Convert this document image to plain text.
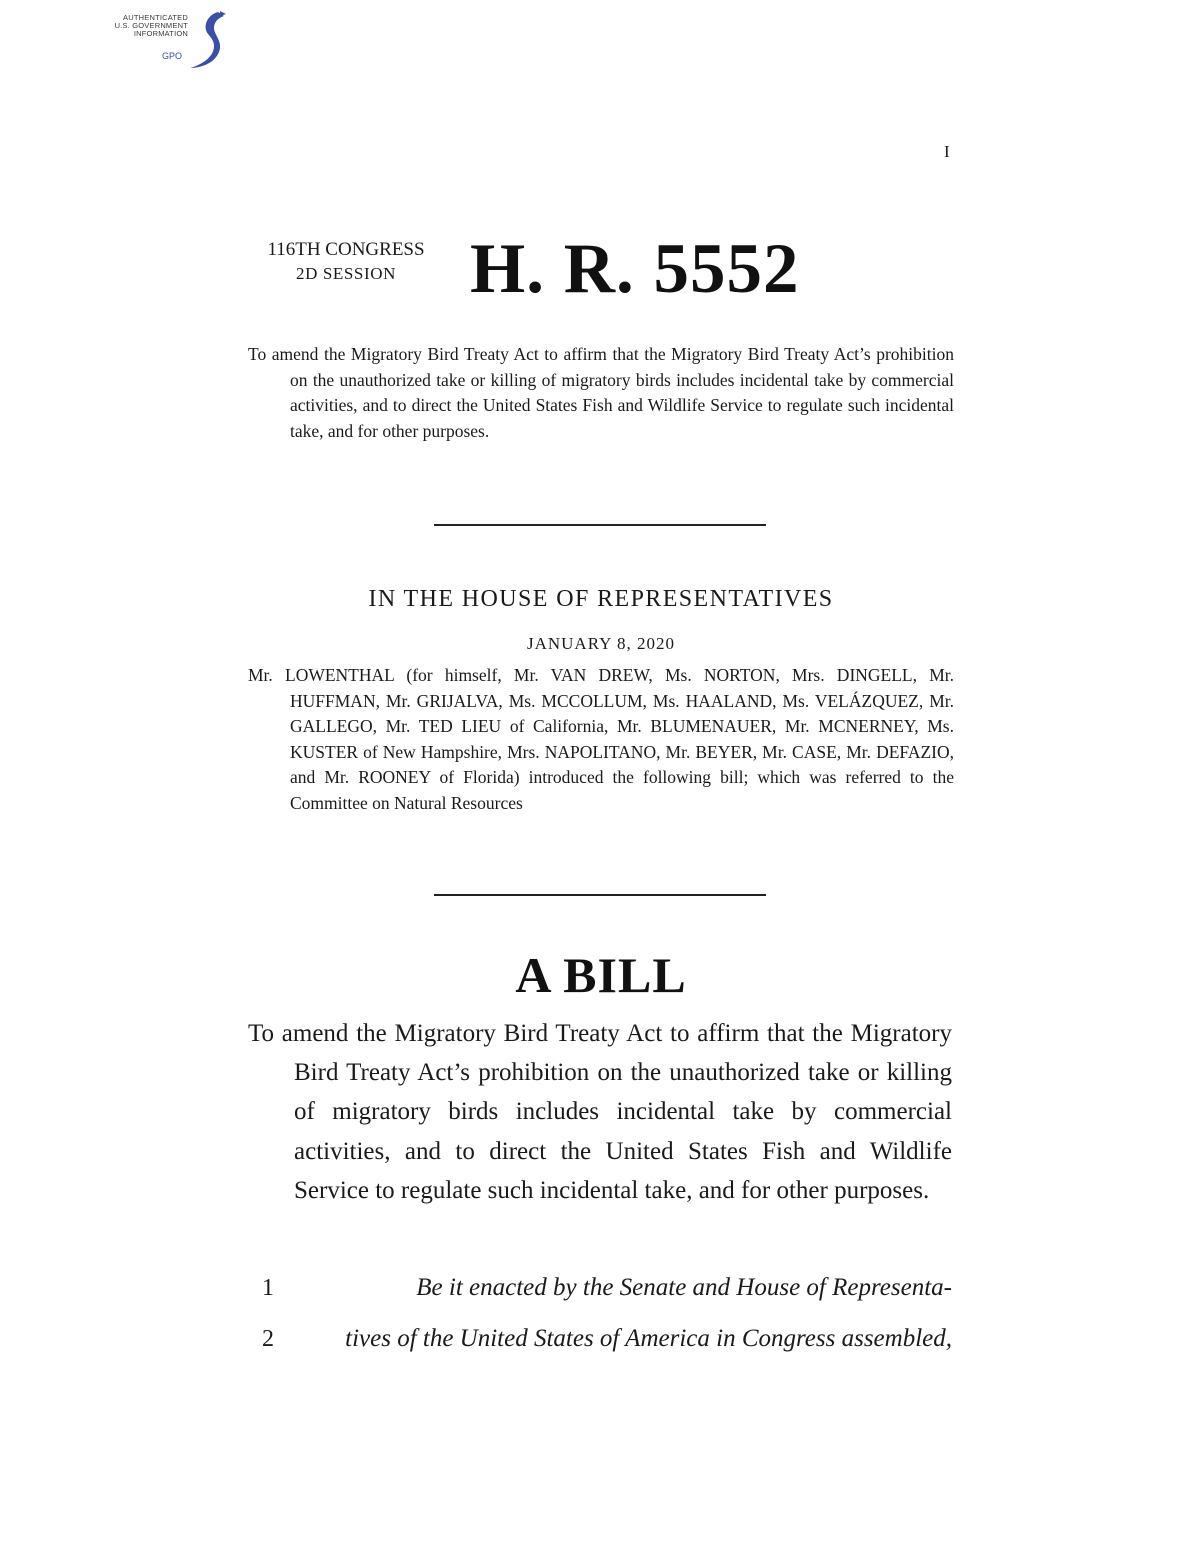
AUTHENTICATED
U.S. GOVERNMENT
INFORMATION
GPO
I
116TH CONGRESS
2D SESSION	H. R. 5552
To amend the Migratory Bird Treaty Act to affirm that the Migratory Bird Treaty Act’s prohibition on the unauthorized take or killing of migratory birds includes incidental take by commercial activities, and to direct the United States Fish and Wildlife Service to regulate such incidental take, and for other purposes.
IN THE HOUSE OF REPRESENTATIVES
JANUARY 8, 2020
Mr. LOWENTHAL (for himself, Mr. VAN DREW, Ms. NORTON, Mrs. DINGELL, Mr. HUFFMAN, Mr. GRIJALVA, Ms. MCCOLLUM, Ms. HAALAND, Ms. VELÁZQUEZ, Mr. GALLEGO, Mr. TED LIEU of California, Mr. BLUMENAUER, Mr. MCNERNEY, Ms. KUSTER of New Hampshire, Mrs. NAPOLITANO, Mr. BEYER, Mr. CASE, Mr. DEFAZIO, and Mr. ROONEY of Florida) introduced the following bill; which was referred to the Committee on Natural Resources
A BILL
To amend the Migratory Bird Treaty Act to affirm that the Migratory Bird Treaty Act’s prohibition on the unauthorized take or killing of migratory birds includes incidental take by commercial activities, and to direct the United States Fish and Wildlife Service to regulate such incidental take, and for other purposes.
1	Be it enacted by the Senate and House of Representa-
2	tives of the United States of America in Congress assembled,
